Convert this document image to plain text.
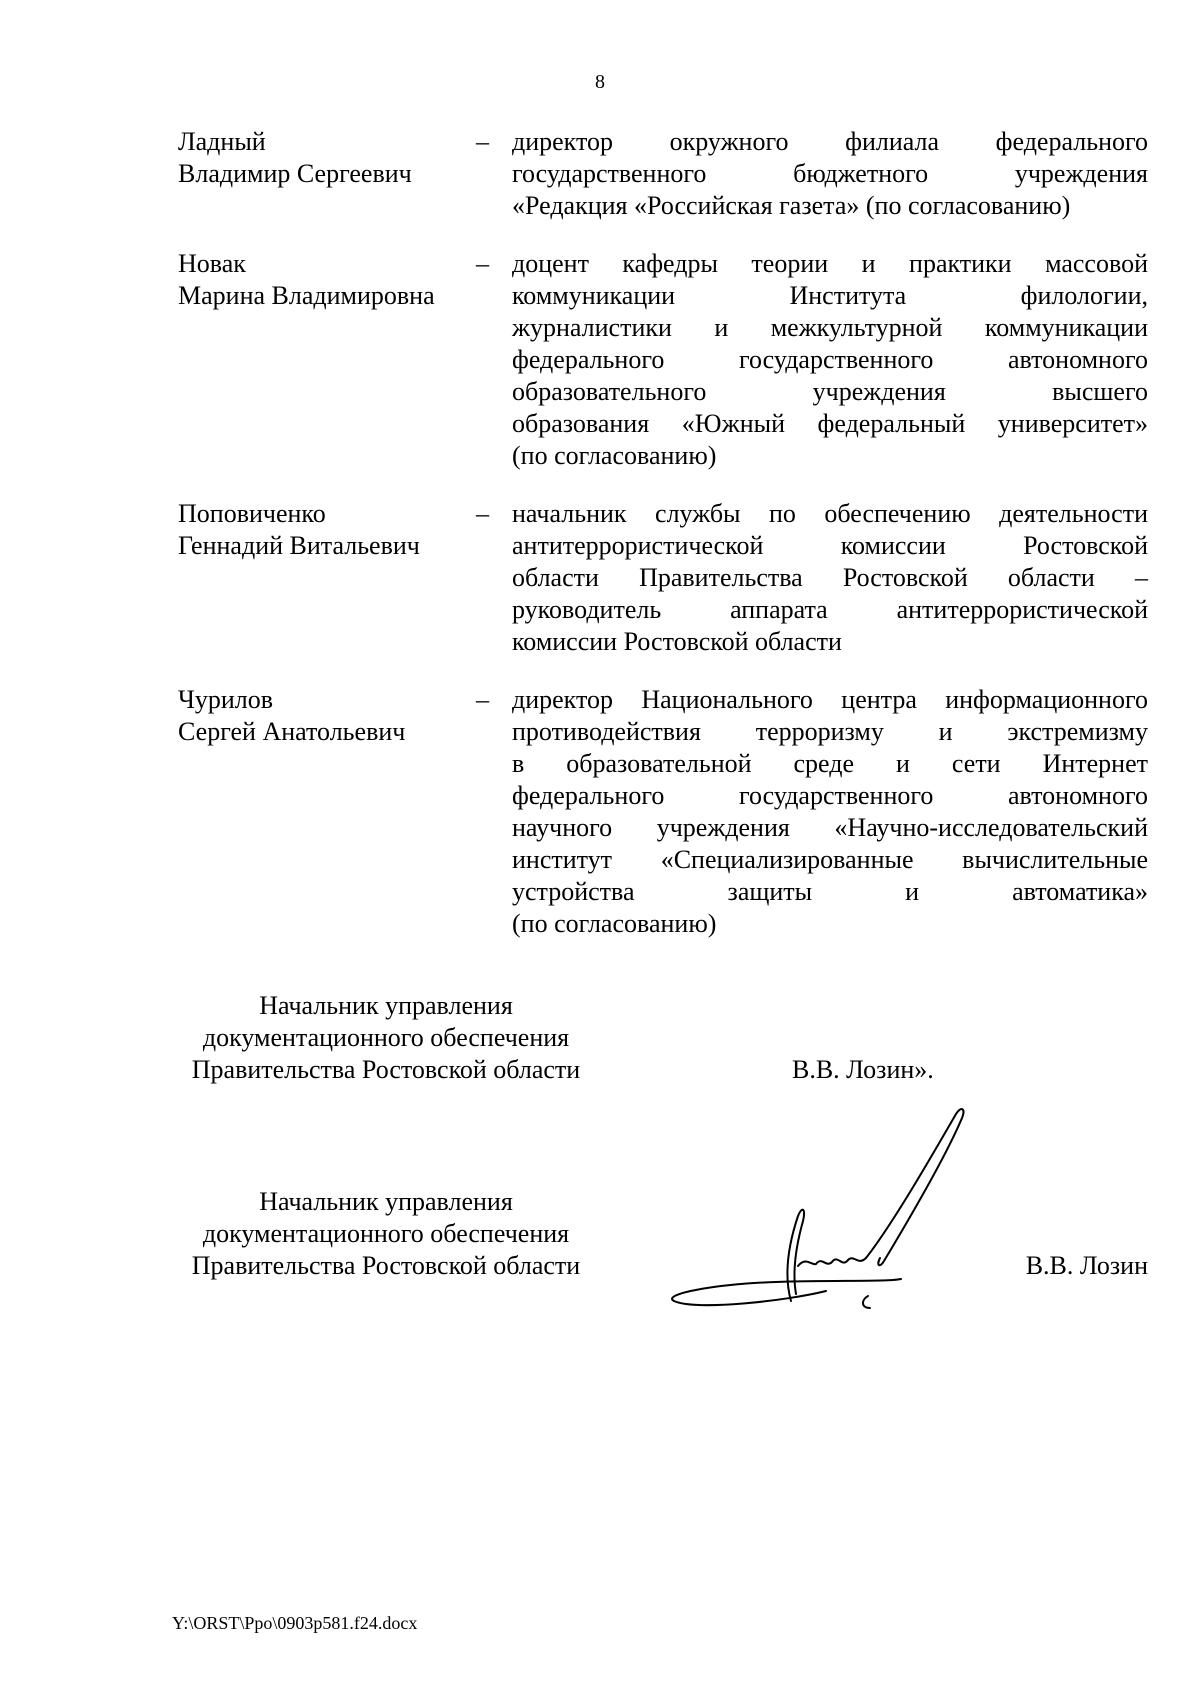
8
Ладный
Владимир Сергеевич
– директор окружного филиала федерального
государственного бюджетного учреждения
«Редакция «Российская газета» (по согласованию)
Новак
Марина Владимировна
– доцент кафедры теории и практики массовой
коммуникации Института филологии,
журналистики и межкультурной коммуникации
федерального государственного автономного
образовательного учреждения высшего
образования «Южный федеральный университет»
(по согласованию)
Поповиченко
Геннадий Витальевич
– начальник службы по обеспечению деятельности
антитеррористической комиссии Ростовской
области Правительства Ростовской области –
руководитель аппарата антитеррористической
комиссии Ростовской области
Чурилов
Сергей Анатольевич
– директор Национального центра информационного
противодействия терроризму и экстремизму
в образовательной среде и сети Интернет
федерального государственного автономного
научного учреждения «Научно-исследовательский
институт «Специализированные вычислительные
устройства защиты и автоматика»
(по согласованию)
Начальник управления
документационного обеспечения
Правительства Ростовской области	В.В. Лозин».
Начальник управления
документационного обеспечения
Правительства Ростовской области	В.В. Лозин
Y:\ORST\Ppo\0903p581.f24.docx
